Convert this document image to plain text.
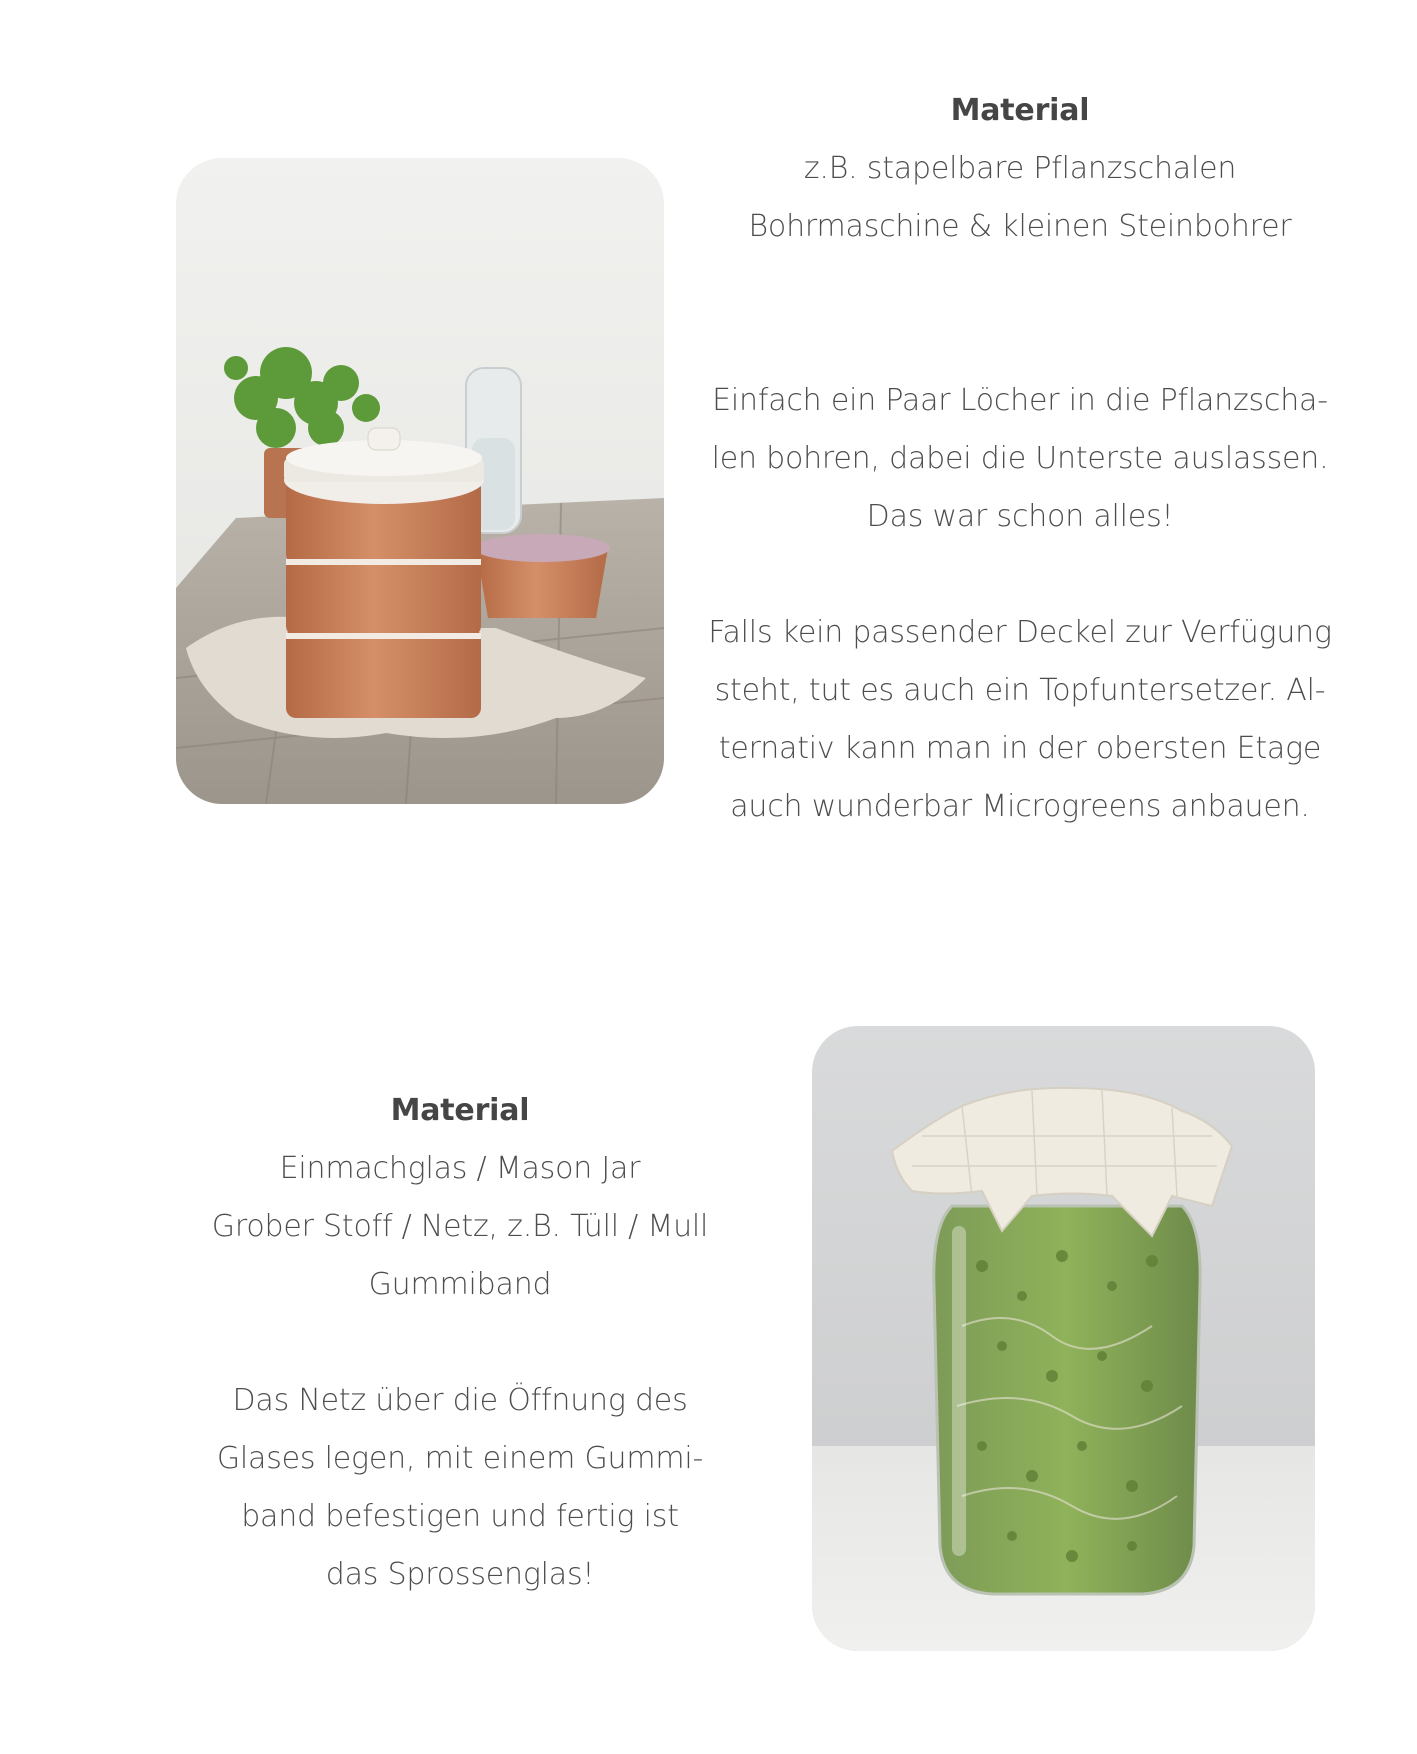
Material
z.B. stapelbare Pflanzschalen
Bohrmaschine & kleinen Steinbohrer
Einfach ein Paar Löcher in die Pflanzscha-
len bohren, dabei die Unterste auslassen.
Das war schon alles!
Falls kein passender Deckel zur Verfügung
steht, tut es auch ein Topfuntersetzer. Al-
ternativ kann man in der obersten Etage
auch wunderbar Microgreens anbauen.
Material
Einmachglas / Mason Jar
Grober Stoff / Netz, z.B. Tüll / Mull
Gummiband
Das Netz über die Öffnung des
Glases legen, mit einem Gummi-
band befestigen und fertig ist
das Sprossenglas!
